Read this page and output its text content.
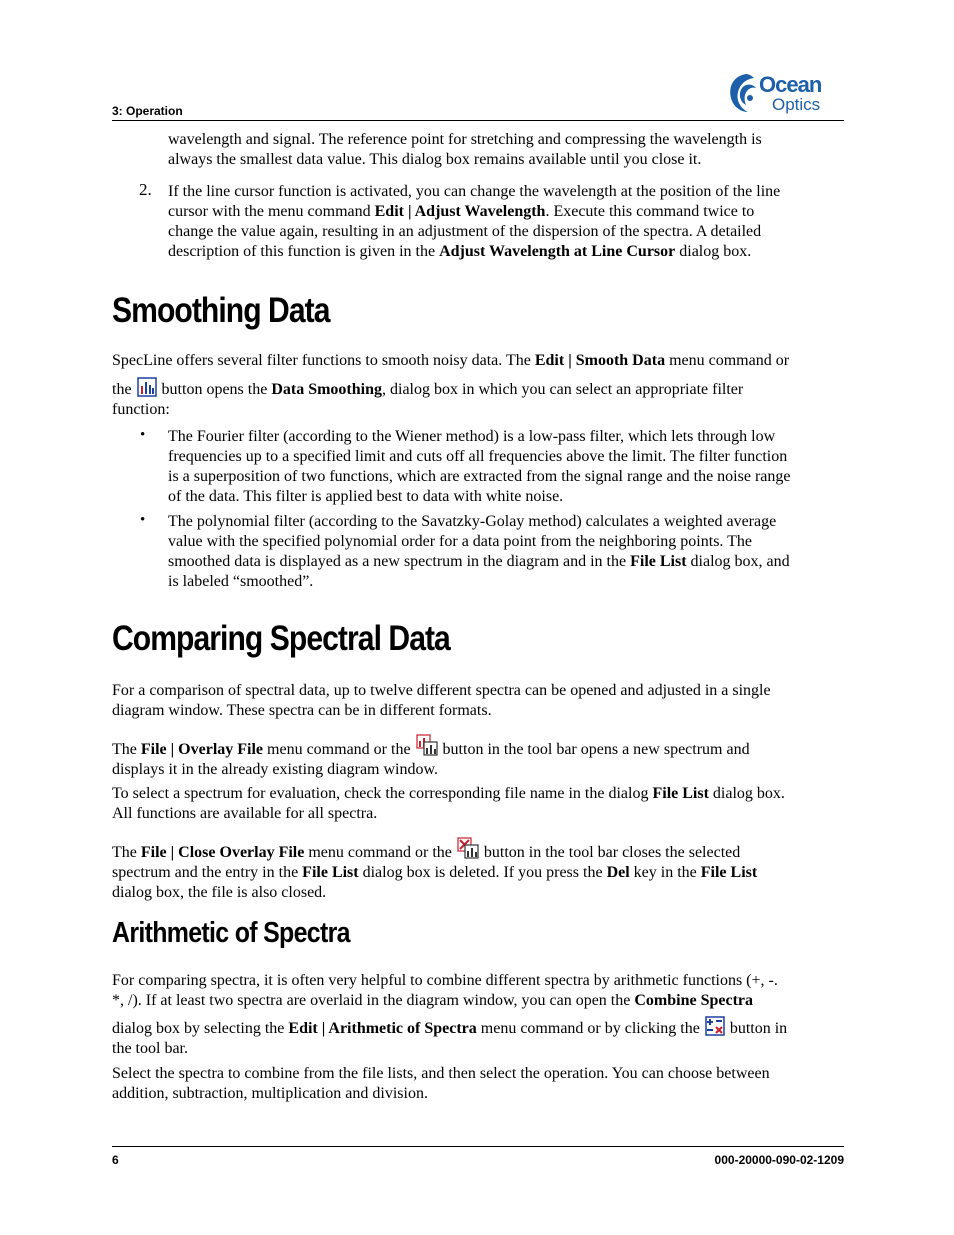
3: Operation
Ocean
Optics
wavelength and signal. The reference point for stretching and compressing the wavelength is
always the smallest data value. This dialog box remains available until you close it.
2. If the line cursor function is activated, you can change the wavelength at the position of the line
cursor with the menu command Edit | Adjust Wavelength. Execute this command twice to
change the value again, resulting in an adjustment of the dispersion of the spectra. A detailed
description of this function is given in the Adjust Wavelength at Line Cursor dialog box.
Smoothing Data
SpecLine offers several filter functions to smooth noisy data. The Edit | Smooth Data menu command or
the  button opens the Data Smoothing, dialog box in which you can select an appropriate filter
function:
• The Fourier filter (according to the Wiener method) is a low-pass filter, which lets through low
frequencies up to a specified limit and cuts off all frequencies above the limit. The filter function
is a superposition of two functions, which are extracted from the signal range and the noise range
of the data. This filter is applied best to data with white noise.
• The polynomial filter (according to the Savatzky-Golay method) calculates a weighted average
value with the specified polynomial order for a data point from the neighboring points. The
smoothed data is displayed as a new spectrum in the diagram and in the File List dialog box, and
is labeled “smoothed”.
Comparing Spectral Data
For a comparison of spectral data, up to twelve different spectra can be opened and adjusted in a single
diagram window. These spectra can be in different formats.
The File | Overlay File menu command or the  button in the tool bar opens a new spectrum and
displays it in the already existing diagram window.
To select a spectrum for evaluation, check the corresponding file name in the dialog File List dialog box.
All functions are available for all spectra.
The File | Close Overlay File menu command or the  button in the tool bar closes the selected
spectrum and the entry in the File List dialog box is deleted. If you press the Del key in the File List
dialog box, the file is also closed.
Arithmetic of Spectra
For comparing spectra, it is often very helpful to combine different spectra by arithmetic functions (+, -.
*, /). If at least two spectra are overlaid in the diagram window, you can open the Combine Spectra
dialog box by selecting the Edit | Arithmetic of Spectra menu command or by clicking the  button in
the tool bar.
Select the spectra to combine from the file lists, and then select the operation. You can choose between
addition, subtraction, multiplication and division.
6	000-20000-090-02-1209
